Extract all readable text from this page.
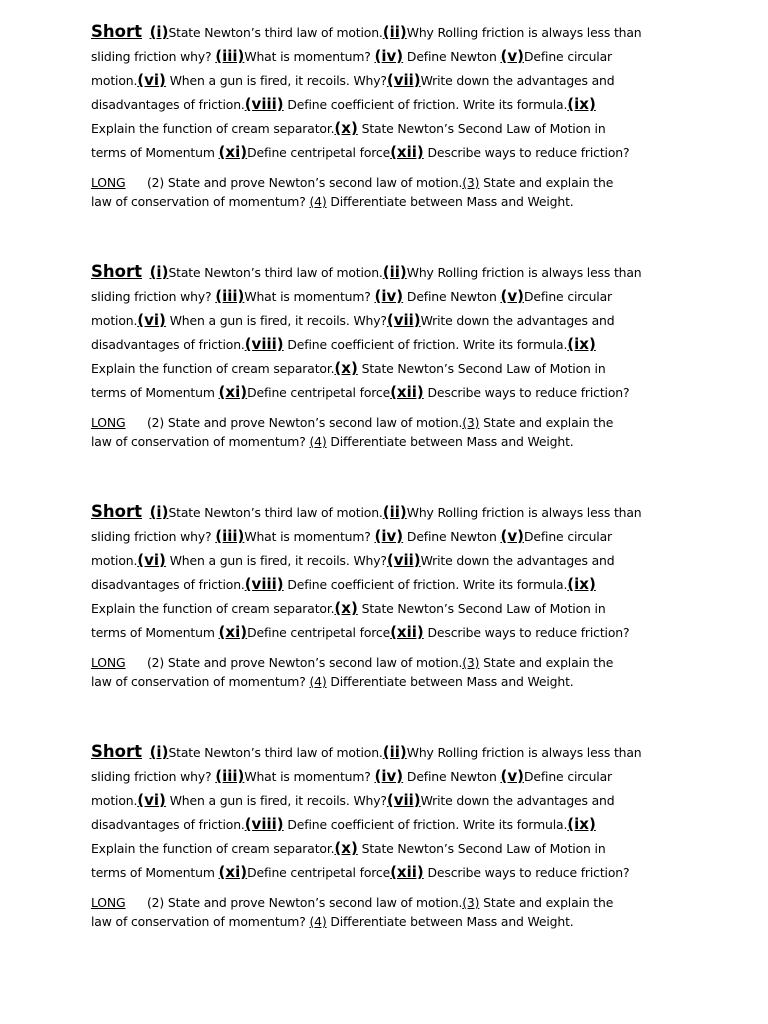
Short (i)State Newton’s third law of motion.(ii)Why Rolling friction is always less than
sliding friction why? (iii)What is momentum? (iv) Define Newton (v)Define circular
motion.(vi) When a gun is fired, it recoils. Why?(vii)Write down the advantages and
disadvantages of friction.(viii) Define coefficient of friction. Write its formula.(ix)
Explain the function of cream separator.(x) State Newton’s Second Law of Motion in
terms of Momentum (xi)Define centripetal force(xii) Describe ways to reduce friction?

LONG (2) State and prove Newton’s second law of motion.(3) State and explain the
law of conservation of momentum? (4) Differentiate between Mass and Weight.

Short (i)State Newton’s third law of motion.(ii)Why Rolling friction is always less than
sliding friction why? (iii)What is momentum? (iv) Define Newton (v)Define circular
motion.(vi) When a gun is fired, it recoils. Why?(vii)Write down the advantages and
disadvantages of friction.(viii) Define coefficient of friction. Write its formula.(ix)
Explain the function of cream separator.(x) State Newton’s Second Law of Motion in
terms of Momentum (xi)Define centripetal force(xii) Describe ways to reduce friction?

LONG (2) State and prove Newton’s second law of motion.(3) State and explain the
law of conservation of momentum? (4) Differentiate between Mass and Weight.

Short (i)State Newton’s third law of motion.(ii)Why Rolling friction is always less than
sliding friction why? (iii)What is momentum? (iv) Define Newton (v)Define circular
motion.(vi) When a gun is fired, it recoils. Why?(vii)Write down the advantages and
disadvantages of friction.(viii) Define coefficient of friction. Write its formula.(ix)
Explain the function of cream separator.(x) State Newton’s Second Law of Motion in
terms of Momentum (xi)Define centripetal force(xii) Describe ways to reduce friction?

LONG (2) State and prove Newton’s second law of motion.(3) State and explain the
law of conservation of momentum? (4) Differentiate between Mass and Weight.

Short (i)State Newton’s third law of motion.(ii)Why Rolling friction is always less than
sliding friction why? (iii)What is momentum? (iv) Define Newton (v)Define circular
motion.(vi) When a gun is fired, it recoils. Why?(vii)Write down the advantages and
disadvantages of friction.(viii) Define coefficient of friction. Write its formula.(ix)
Explain the function of cream separator.(x) State Newton’s Second Law of Motion in
terms of Momentum (xi)Define centripetal force(xii) Describe ways to reduce friction?

LONG (2) State and prove Newton’s second law of motion.(3) State and explain the
law of conservation of momentum? (4) Differentiate between Mass and Weight.
